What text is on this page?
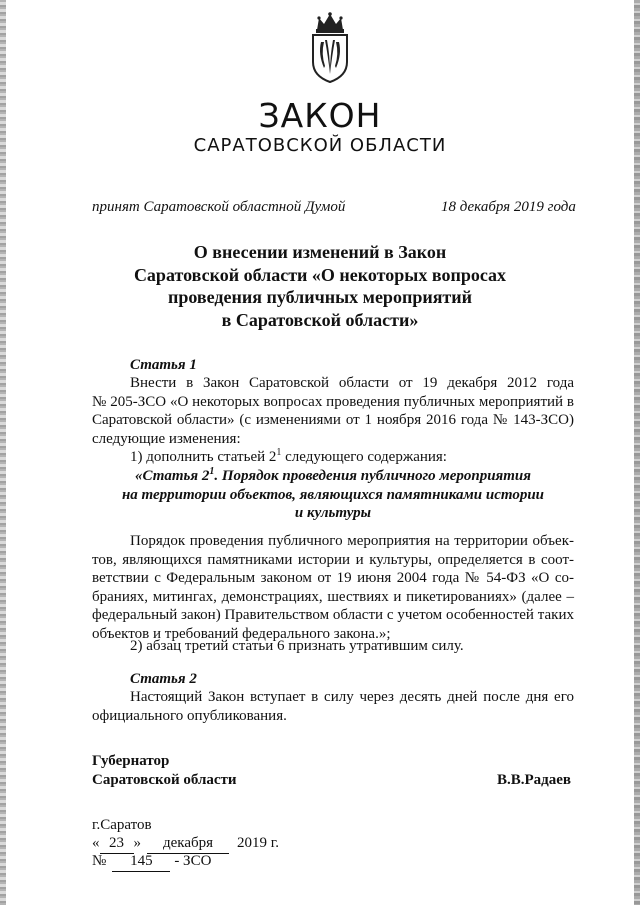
ЗАКОН
САРАТОВСКОЙ ОБЛАСТИ
принят Саратовской областной Думой	18 декабря 2019 года
О внесении изменений в Закон
Саратовской области «О некоторых вопросах
проведения публичных мероприятий
в Саратовской области»
Статья 1
Внести в Закон Саратовской области от 19 декабря 2012 года
№ 205-ЗСО «О некоторых вопросах проведения публичных мероприятий в
Саратовской области» (с изменениями от 1 ноября 2016 года № 143-ЗСО)
следующие изменения:
1) дополнить статьей $2^1$ следующего содержания:
«Статья $2^1$. Порядок проведения публичного мероприятия
на территории объектов, являющихся памятниками истории
и культуры
Порядок проведения публичного мероприятия на территории объек-
тов, являющихся памятниками истории и культуры, определяется в соот-
ветствии с Федеральным законом от 19 июня 2004 года № 54-ФЗ «О со-
браниях, митингах, демонстрациях, шествиях и пикетированиях» (далее –
федеральный закон) Правительством области с учетом особенностей таких
объектов и требований федерального закона.»;
2) абзац третий статьи 6 признать утратившим силу.
Статья 2
Настоящий Закон вступает в силу через десять дней после дня его
официального опубликования.
Губернатор
Саратовской области	В.В.Радаев
г.Саратов
« 23 » декабря 2019 г.
№ 145 - ЗСО
